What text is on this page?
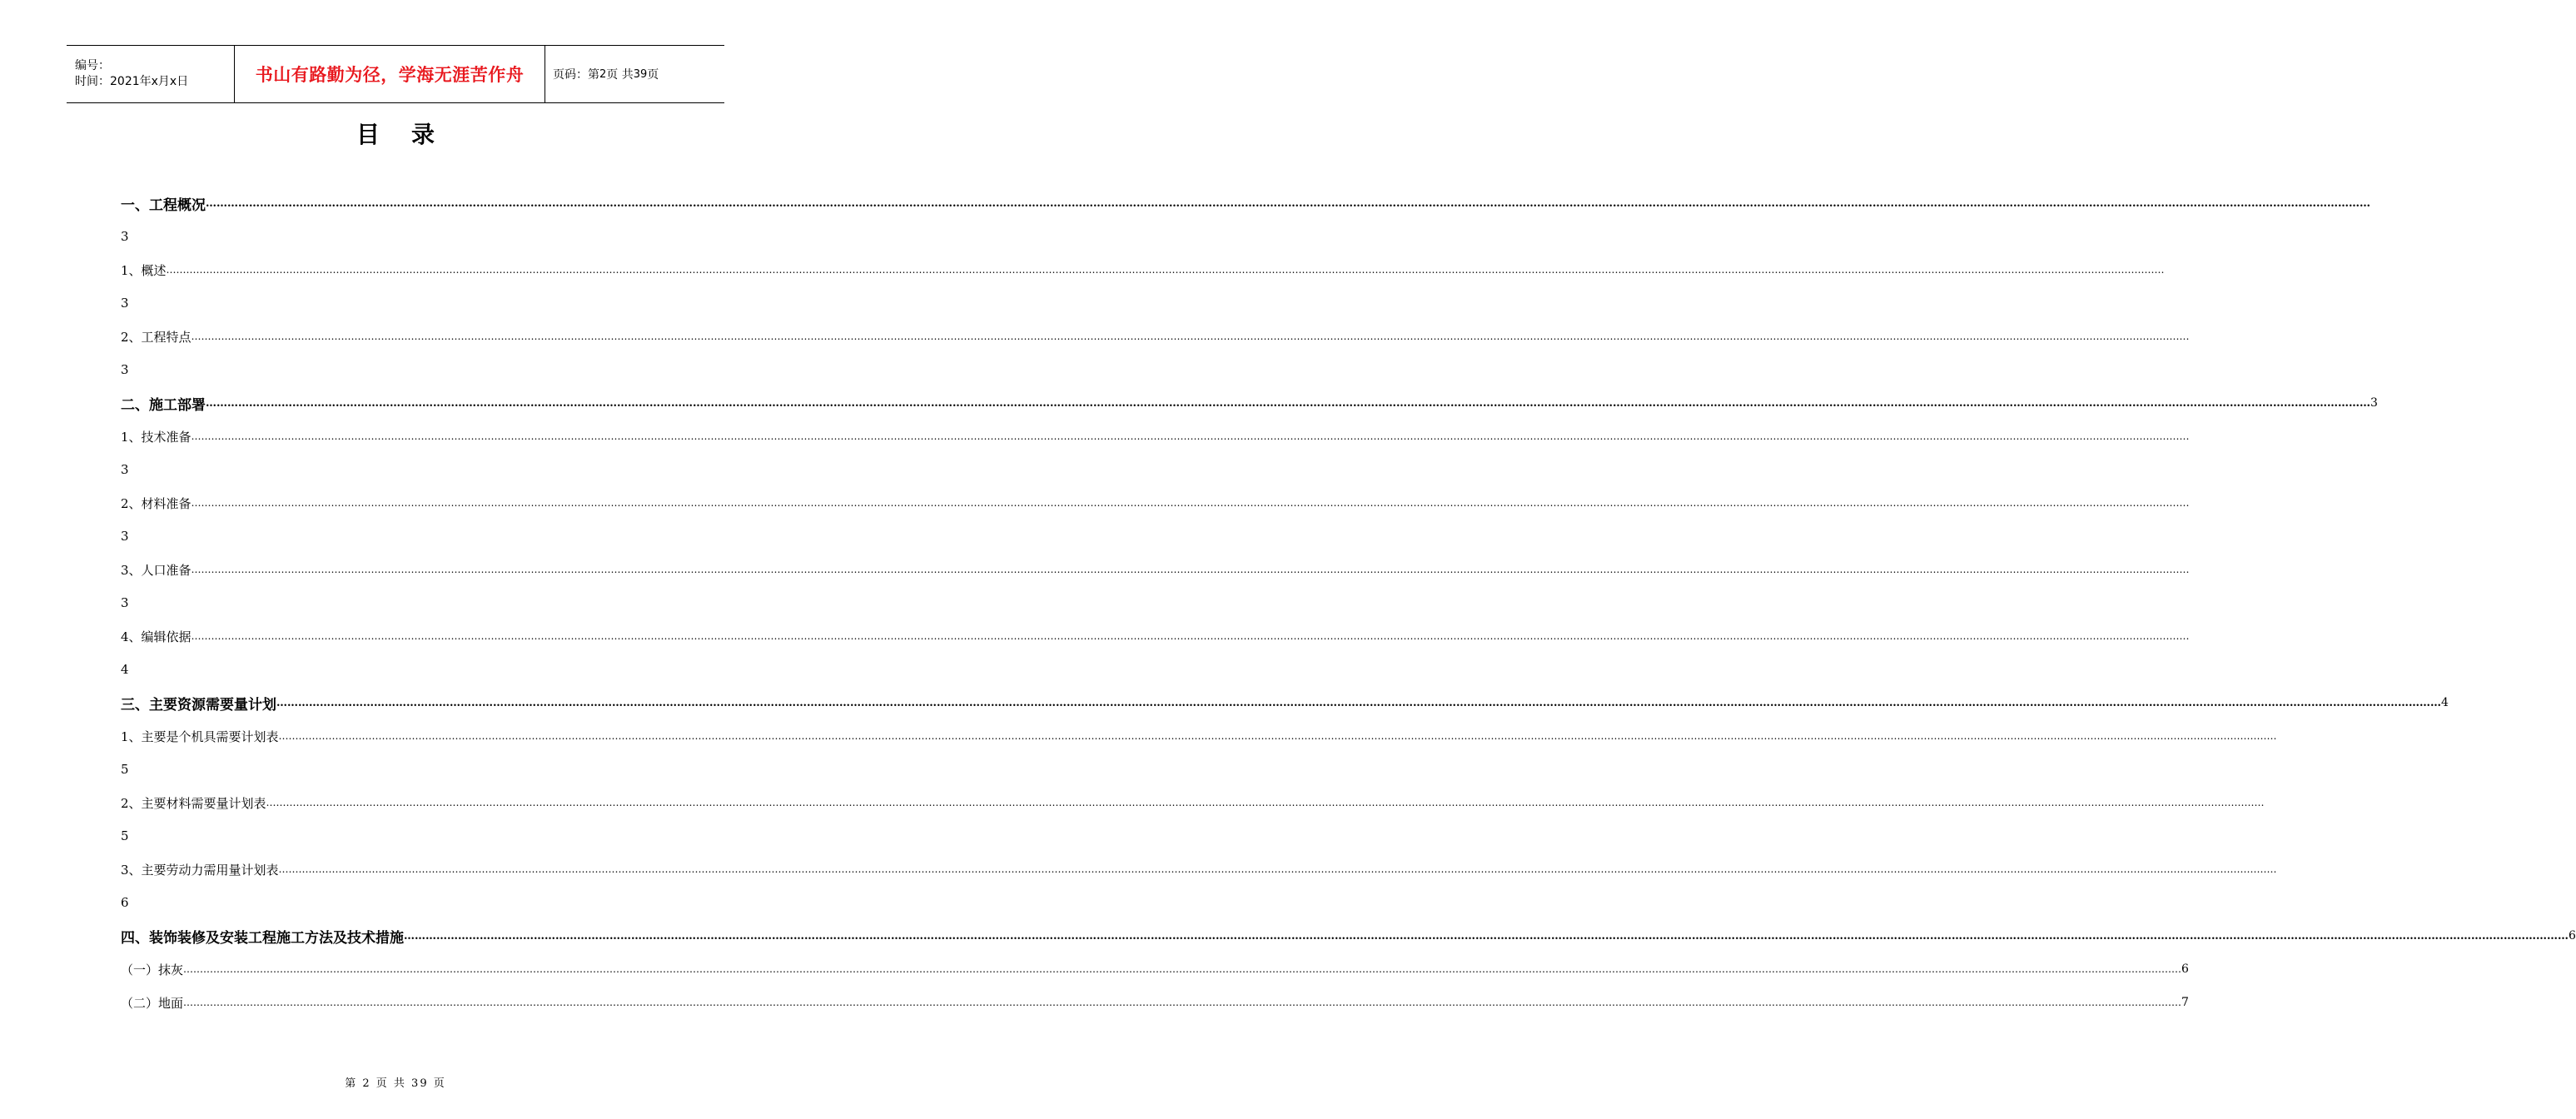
编号：
时间：2021年x月x日	书山有路勤为径，学海无涯苦作舟 页码：第 2 页 共 39 页
目录
一、工程概况 ……………………………………………………………………………………………………………………………………………………………………………………………………………………………………………………………………………………………………………………………………………………………………………………………………………………………………………………………………………………………………………………………………………………
3
1、概述 ……………………………………………………………………………………………………………………………………………………………………………………………………………………………………………………………………………………………………………………………………………………………………………………………………………………………………………………………………………………………………………………………………………………
3
2、工程特点 ……………………………………………………………………………………………………………………………………………………………………………………………………………………………………………………………………………………………………………………………………………………………………………………………………………………………………………………………………………………………………………………………………………………
3
二、施工部署 …………………………………………………………………………………………………………………………………………………………………………………………………………………………………………………………………………………………………………………………………………………………………………………………………………………………………………………………………………………………………………………………………………………… 3
1、技术准备 ……………………………………………………………………………………………………………………………………………………………………………………………………………………………………………………………………………………………………………………………………………………………………………………………………………………………………………………………………………………………………………………………………………………
3
2、材料准备 ……………………………………………………………………………………………………………………………………………………………………………………………………………………………………………………………………………………………………………………………………………………………………………………………………………………………………………………………………………………………………………………………………………………
3
3、人口准备 ……………………………………………………………………………………………………………………………………………………………………………………………………………………………………………………………………………………………………………………………………………………………………………………………………………………………………………………………………………………………………………………………………………………
3
4、编辑依据 ……………………………………………………………………………………………………………………………………………………………………………………………………………………………………………………………………………………………………………………………………………………………………………………………………………………………………………………………………………………………………………………………………………………
4
三、主要资源需要量计划 …………………………………………………………………………………………………………………………………………………………………………………………………………………………………………………………………………………………………………………………………………………………………………………………………………………………………………………………………………………………………………………………………………………… 4
1、主要是个机具需要计划表 ……………………………………………………………………………………………………………………………………………………………………………………………………………………………………………………………………………………………………………………………………………………………………………………………………………………………………………………………………………………………………………………………………………………
5
2、主要材料需要量计划表 ……………………………………………………………………………………………………………………………………………………………………………………………………………………………………………………………………………………………………………………………………………………………………………………………………………………………………………………………………………………………………………………………………………………
5
3、主要劳动力需用量计划表 ……………………………………………………………………………………………………………………………………………………………………………………………………………………………………………………………………………………………………………………………………………………………………………………………………………………………………………………………………………………………………………………………………………………
6
四、装饰装修及安装工程施工方法及技术措施 …………………………………………………………………………………………………………………………………………………………………………………………………………………………………………………………………………………………………………………………………………………………………………………………………………………………………………………………………………………………………………………………………………………… 6
（一）抹灰 …………………………………………………………………………………………………………………………………………………………………………………………………………………………………………………………………………………………………………………………………………………………………………………………………………………………………………………………………………………………………………………………………………………… 6
（二）地面 …………………………………………………………………………………………………………………………………………………………………………………………………………………………………………………………………………………………………………………………………………………………………………………………………………………………………………………………………………………………………………………………………………………… 7
第 2 页 共 39 页
